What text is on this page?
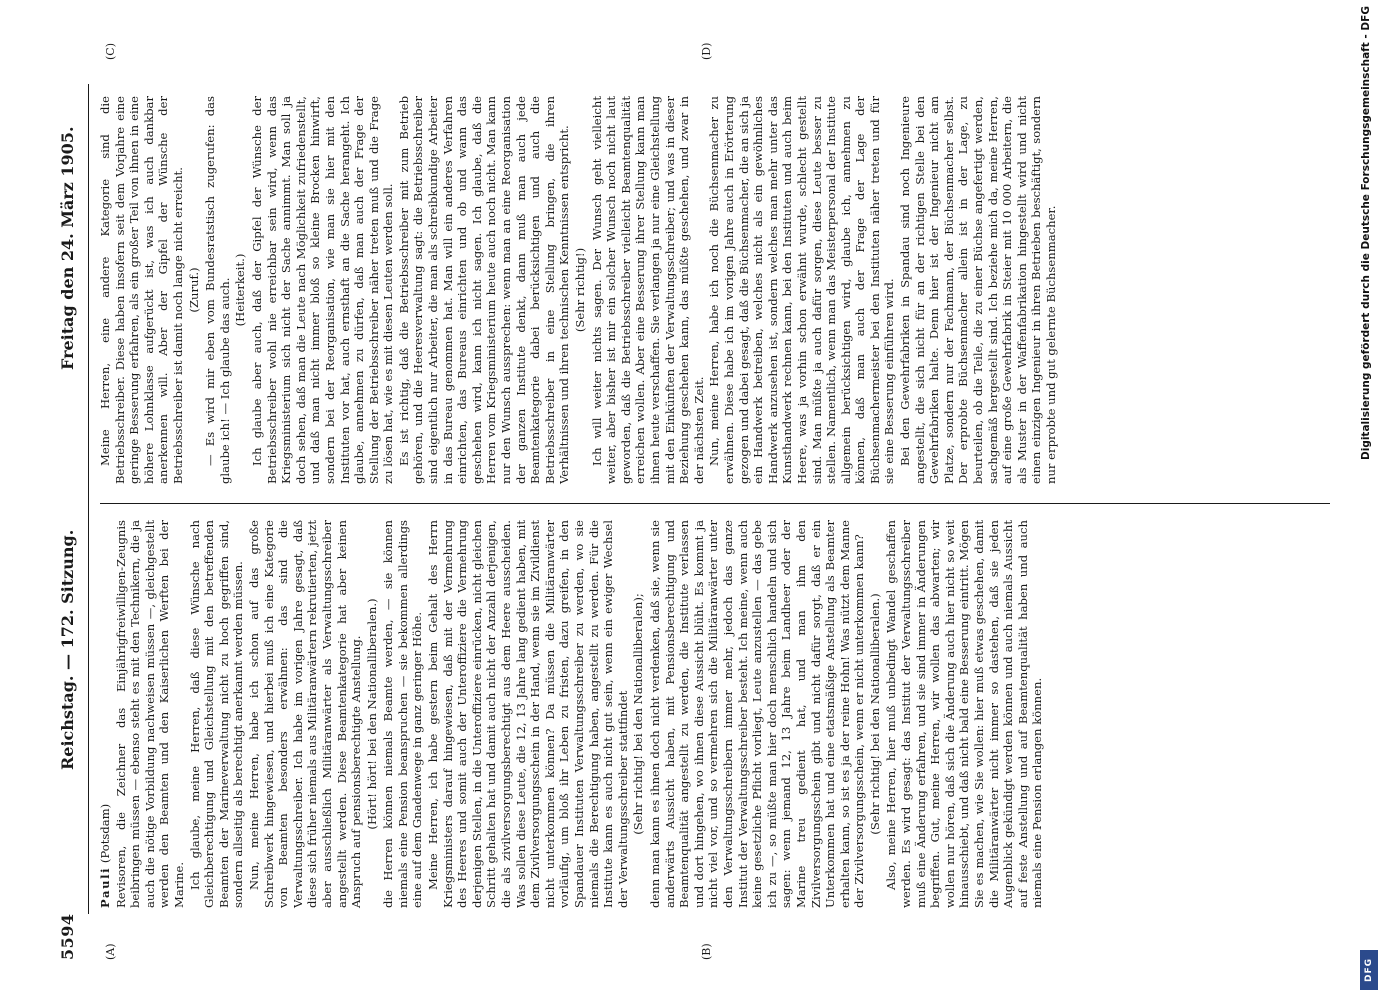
5594
Reichstag. — 172. Sitzung.
Freitag den 24. März 1905.
(A)	(B)
(C)	(D)

Pauli (Potsdam) Revisoren, die Zeichner das Einjährigfreiwilligen-Zeugnis beibringen müssen — ebenso steht es mit den Technikern, die ja auch die nötige Vorbildung nachweisen müssen —, gleichgestellt werden den Beamten und den Kaiserlichen Werften bei der Marine. Ich glaube, meine Herren, daß diese Wünsche nach Gleichberechtigung und Gleichstellung mit den betreffenden Beamten der Marineverwaltung nicht zu hoch gegriffen sind, sondern allseitig als berechtigt anerkannt werden müssen. Nun, meine Herren, habe ich schon auf das große Schreibwerk hingewiesen, und hierbei muß ich eine Kategorie von Beamten besonders erwähnen: das sind die Verwaltungsschreiber. Ich habe im vorigen Jahre gesagt, daß diese sich früher niemals aus Militäranwärtern rekrutierten, jetzt aber ausschließlich Militäranwärter als Verwaltungsschreiber angestellt werden. Diese Beamtenkategorie hat aber keinen Anspruch auf pensionsberechtigte Anstellung. (Hört! hört! bei den Nationalliberalen.) die Herren können niemals Beamte werden, — sie können niemals eine Pension beanspruchen — sie bekommen allerdings eine auf dem Gnadenwege in ganz geringer Höhe. Meine Herren, ich habe gestern beim Gehalt des Herrn Kriegsministers darauf hingewiesen, daß mit der Vermehrung des Heeres und somit auch der Unteroffiziere die Vermehrung derjenigen Stellen, in die Unteroffiziere einrücken, nicht gleichen Schritt gehalten hat und damit auch nicht der Anzahl derjenigen, die als zivilversorgungsberechtigt aus dem Heere ausscheiden. Was sollen diese Leute, die 12, 13 Jahre lang gedient haben, mit dem Zivilversorgungsschein in der Hand, wenn sie im Zivildienst nicht unterkommen können? Da müssen die Militäranwärter vorläufig, um bloß ihr Leben zu fristen, dazu greifen, in den Spandauer Instituten Verwaltungsschreiber zu werden, wo sie niemals die Berechtigung haben, angestellt zu werden. Für die Institute kann es auch nicht gut sein, wenn ein ewiger Wechsel der Verwaltungsschreiber stattfindet (Sehr richtig! bei den Nationalliberalen); denn man kann es ihnen doch nicht verdenken, daß sie, wenn sie anderwärts Aussicht haben, mit Pensionsberechtigung und Beamtenqualität angestellt zu werden, die Institute verlassen und dort hingehen, wo ihnen diese Aussicht blüht. Es kommt ja nicht viel vor, und so vermehren sich die Militäranwärter unter den Verwaltungsschreibern immer mehr, jedoch das ganze Institut der Verwaltungsschreiber besteht. Ich meine, wenn auch keine gesetzliche Pflicht vorliegt, Leute anzustellen — das gebe ich zu —, so müßte man hier doch menschlich handeln und sich sagen: wenn jemand 12, 13 Jahre beim Landheer oder der Marine treu gedient hat, und man ihm den Zivilversorgungsschein gibt und nicht dafür sorgt, daß er ein Unterkommen hat und eine etatsmäßige Anstellung als Beamter erhalten kann, so ist es ja der reine Hohn! Was nützt dem Manne der Zivilversorgungsschein, wenn er nicht unterkommen kann? (Sehr richtig! bei den Nationalliberalen.) Also, meine Herren, hier muß unbedingt Wandel geschaffen werden. Es wird gesagt: das Institut der Verwaltungsschreiber muß eine Änderung erfahren, und sie sind immer in Änderungen begriffen. Gut, meine Herren, wir wollen das abwarten; wir wollen nur hören, daß sich die Änderung auch hier nicht so weit hinausschiebt, und daß nicht bald eine Besserung eintritt. Mögen Sie es machen, wie Sie wollen: hier muß etwas geschehen, damit die Militäranwärter nicht immer so dastehen, daß sie jeden Augenblick gekündigt werden können und auch niemals Aussicht auf feste Anstellung und auf Beamtenqualität haben und auch niemals eine Pension erlangen können.

Meine Herren, eine andere Kategorie sind die Betriebsschreiber. Diese haben insofern seit dem Vorjahre eine geringe Besserung erfahren, als ein großer Teil von ihnen in eine höhere Lohnklasse aufgerückt ist, was ich auch dankbar anerkennen will. Aber der Gipfel der Wünsche der Betriebsschreiber ist damit noch lange nicht erreicht. (Zuruf.) — Es wird mir eben vom Bundesratstisch zugerufen: das glaube ich! — Ich glaube das auch. (Heiterkeit.) Ich glaube aber auch, daß der Gipfel der Wünsche der Betriebsschreiber wohl nie erreichbar sein wird, wenn das Kriegsministerium sich nicht der Sache annimmt. Man soll ja doch sehen, daß man die Leute nach Möglichkeit zufriedenstellt, und daß man nicht immer bloß so kleine Brocken hinwirft, sondern bei der Reorganisation, wie man sie hier mit den Instituten vor hat, auch ernsthaft an die Sache herangeht. Ich glaube, annehmen zu dürfen, daß man auch der Frage der Stellung der Betriebsschreiber näher treten muß und die Frage zu lösen hat, wie es mit diesen Leuten werden soll. Es ist richtig, daß die Betriebsschreiber mit zum Betrieb gehören, und die Heeresverwaltung sagt: die Betriebsschreiber sind eigentlich nur Arbeiter, die man als schreibkundige Arbeiter in das Bureau genommen hat. Man will ein anderes Verfahren einrichten, das Bureaus einrichten und ob und wann das geschehen wird, kann ich nicht sagen. Ich glaube, daß die Herren vom Kriegsministerium heute auch noch nicht. Man kann nur den Wunsch aussprechen: wenn man an eine Reorganisation der ganzen Institute denkt, dann muß man auch jede Beamtenkategorie dabei berücksichtigen und auch die Betriebsschreiber in eine Stellung bringen, die ihren Verhältnissen und ihren technischen Kenntnissen entspricht. (Sehr richtig!) Ich will weiter nichts sagen. Der Wunsch geht vielleicht weiter, aber bisher ist mir ein solcher Wunsch noch nicht laut geworden, daß die Betriebsschreiber vielleicht Beamtenqualität erreichen wollen. Aber eine Besserung ihrer Stellung kann man ihnen heute verschaffen. Sie verlangen ja nur eine Gleichstellung mit den Einkünften der Verwaltungsschreiber; und was in dieser Beziehung geschehen kann, das müßte geschehen, und zwar in der nächsten Zeit. Nun, meine Herren, habe ich noch die Büchsenmacher zu erwähnen. Diese habe ich im vorigen Jahre auch in Erörterung gezogen und dabei gesagt, daß die Büchsenmacher, die an sich ja ein Handwerk betreiben, welches nicht als ein gewöhnliches Handwerk anzusehen ist, sondern welches man mehr unter das Kunsthandwerk rechnen kann, bei den Instituten und auch beim Heere, was ja vorhin schon erwähnt wurde, schlecht gestellt sind. Man müßte ja auch dafür sorgen, diese Leute besser zu stellen. Namentlich, wenn man das Meisterpersonal der Institute allgemein berücksichtigen wird, glaube ich, annehmen zu können, daß man auch der Frage der Lage der Büchsenmachermeister bei den Instituten näher treten und für sie eine Besserung einführen wird. Bei den Gewehrfabriken in Spandau sind noch Ingenieure angestellt, die sich nicht für an der richtigen Stelle bei den Gewehrfabriken halte. Denn hier ist der Ingenieur nicht am Platze, sondern nur der Fachmann, der Büchsenmacher selbst. Der erprobte Büchsenmacher allein ist in der Lage, zu beurteilen, ob die Teile, die zu einer Büchse angefertigt werden, sachgemäß hergestellt sind. Ich beziehe mich da, meine Herren, auf eine große Gewehrfabrik in Steier mit 10 000 Arbeitern, die als Muster in der Waffenfabrikation hingestellt wird und nicht einen einzigen Ingenieur in ihren Betrieben beschäftigt, sondern nur erprobte und gut gelernte Büchsenmacher.	Digitalisierung gefördert durch die Deutsche Forschungsgemeinschaft - DFG
DFG
